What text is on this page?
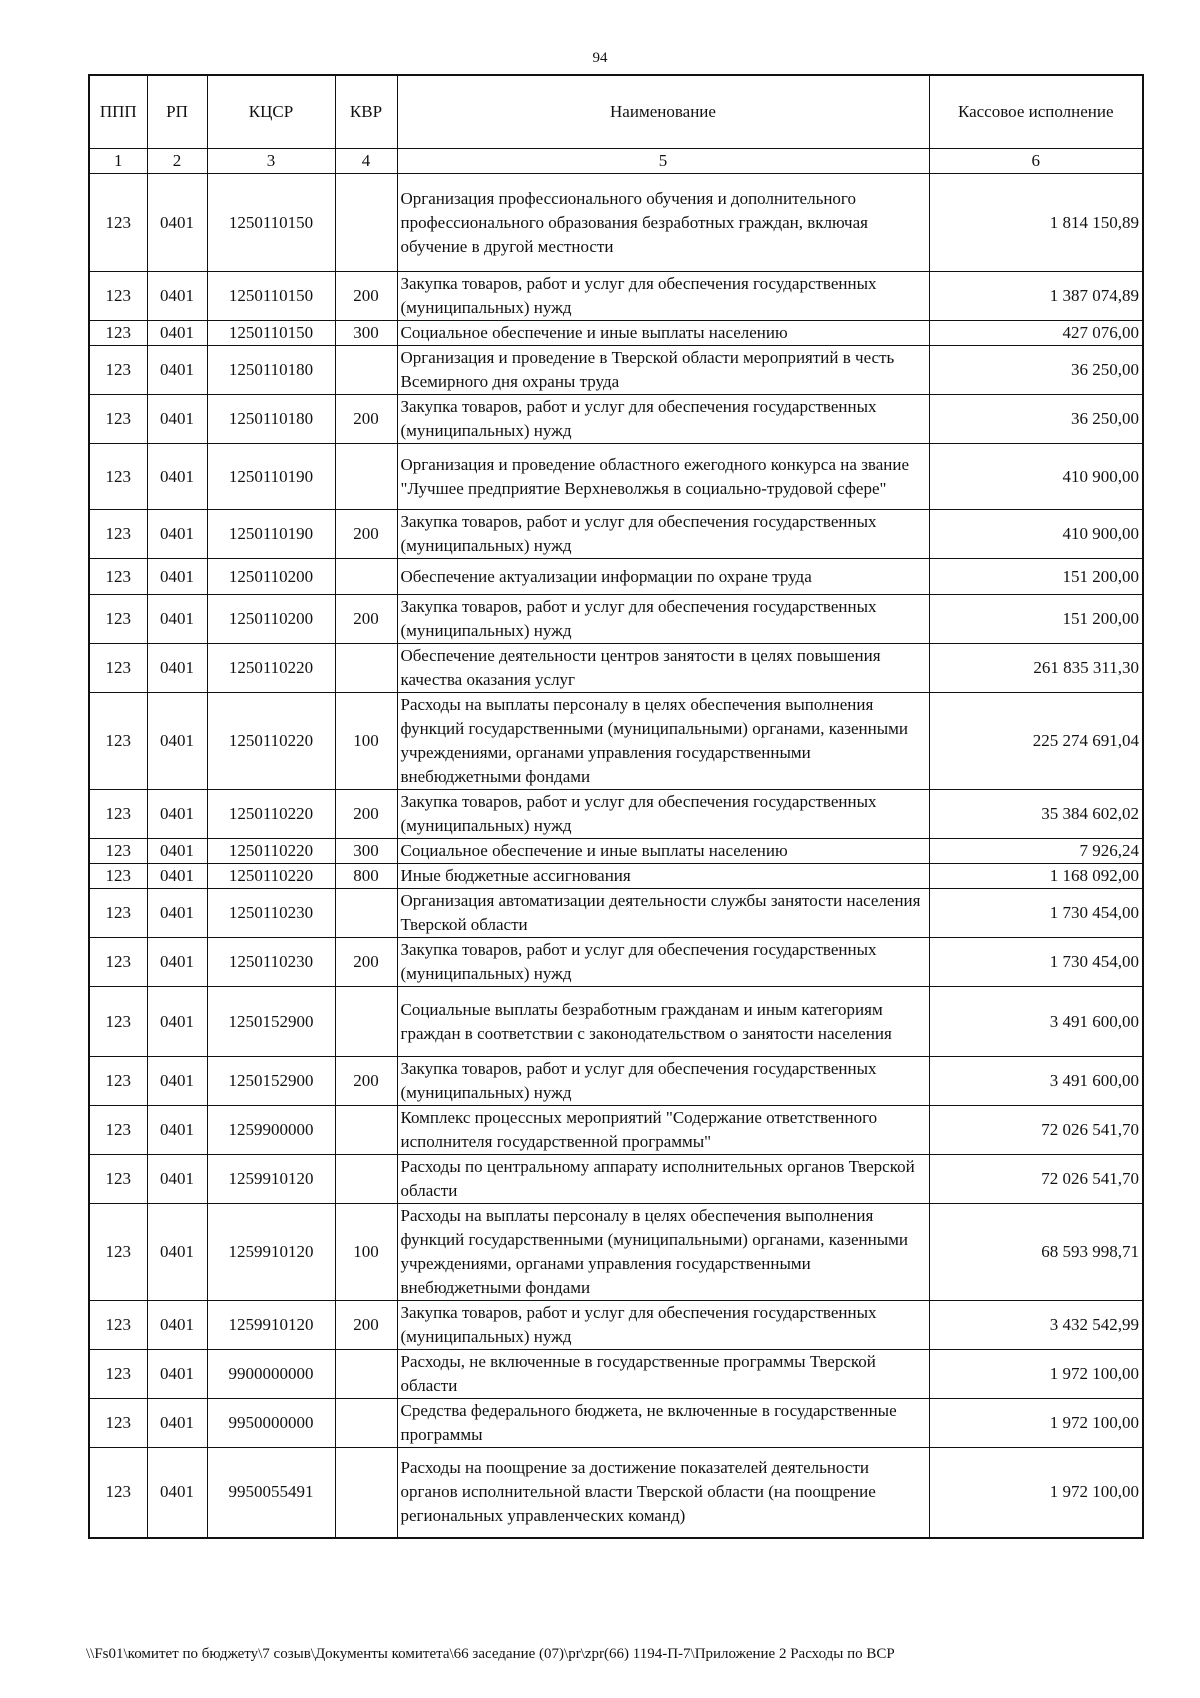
94
ППП	РП	КЦСР	КВР	Наименование	Кассовое исполнение
1	2	3	4	5	6
123	0401	1250110150		Организация профессионального обучения и дополнительного профессионального образования безработных граждан, включая обучение в другой местности	1 814 150,89
123	0401	1250110150	200	Закупка товаров, работ и услуг для обеспечения государственных (муниципальных) нужд	1 387 074,89
123	0401	1250110150	300	Социальное обеспечение и иные выплаты населению	427 076,00
123	0401	1250110180		Организация и проведение в Тверской области мероприятий в честь Всемирного дня охраны труда	36 250,00
123	0401	1250110180	200	Закупка товаров, работ и услуг для обеспечения государственных (муниципальных) нужд	36 250,00
123	0401	1250110190		Организация и проведение областного ежегодного конкурса на звание "Лучшее предприятие Верхневолжья в социально-трудовой сфере"	410 900,00
123	0401	1250110190	200	Закупка товаров, работ и услуг для обеспечения государственных (муниципальных) нужд	410 900,00
123	0401	1250110200		Обеспечение актуализации информации по охране труда	151 200,00
123	0401	1250110200	200	Закупка товаров, работ и услуг для обеспечения государственных (муниципальных) нужд	151 200,00
123	0401	1250110220		Обеспечение деятельности центров занятости в целях повышения качества оказания услуг	261 835 311,30
123	0401	1250110220	100	Расходы на выплаты персоналу в целях обеспечения выполнения функций государственными (муниципальными) органами, казенными учреждениями, органами управления государственными внебюджетными фондами	225 274 691,04
123	0401	1250110220	200	Закупка товаров, работ и услуг для обеспечения государственных (муниципальных) нужд	35 384 602,02
123	0401	1250110220	300	Социальное обеспечение и иные выплаты населению	7 926,24
123	0401	1250110220	800	Иные бюджетные ассигнования	1 168 092,00
123	0401	1250110230		Организация автоматизации деятельности службы занятости населения Тверской области	1 730 454,00
123	0401	1250110230	200	Закупка товаров, работ и услуг для обеспечения государственных (муниципальных) нужд	1 730 454,00
123	0401	1250152900		Социальные выплаты безработным гражданам и иным категориям граждан в соответствии с законодательством о занятости населения	3 491 600,00
123	0401	1250152900	200	Закупка товаров, работ и услуг для обеспечения государственных (муниципальных) нужд	3 491 600,00
123	0401	1259900000		Комплекс процессных мероприятий "Содержание ответственного исполнителя государственной программы"	72 026 541,70
123	0401	1259910120		Расходы по центральному аппарату исполнительных органов Тверской области	72 026 541,70
123	0401	1259910120	100	Расходы на выплаты персоналу в целях обеспечения выполнения функций государственными (муниципальными) органами, казенными учреждениями, органами управления государственными внебюджетными фондами	68 593 998,71
123	0401	1259910120	200	Закупка товаров, работ и услуг для обеспечения государственных (муниципальных) нужд	3 432 542,99
123	0401	9900000000		Расходы, не включенные в государственные программы Тверской области	1 972 100,00
123	0401	9950000000		Средства федерального бюджета, не включенные в государственные программы	1 972 100,00
123	0401	9950055491		Расходы на поощрение за достижение показателей деятельности органов исполнительной власти Тверской области (на поощрение региональных управленческих команд)	1 972 100,00
\\Fs01\комитет по бюджету\7 созыв\Документы комитета\66 заседание (07)\pr\zpr(66) 1194-П-7\Приложение 2 Расходы по ВСР
